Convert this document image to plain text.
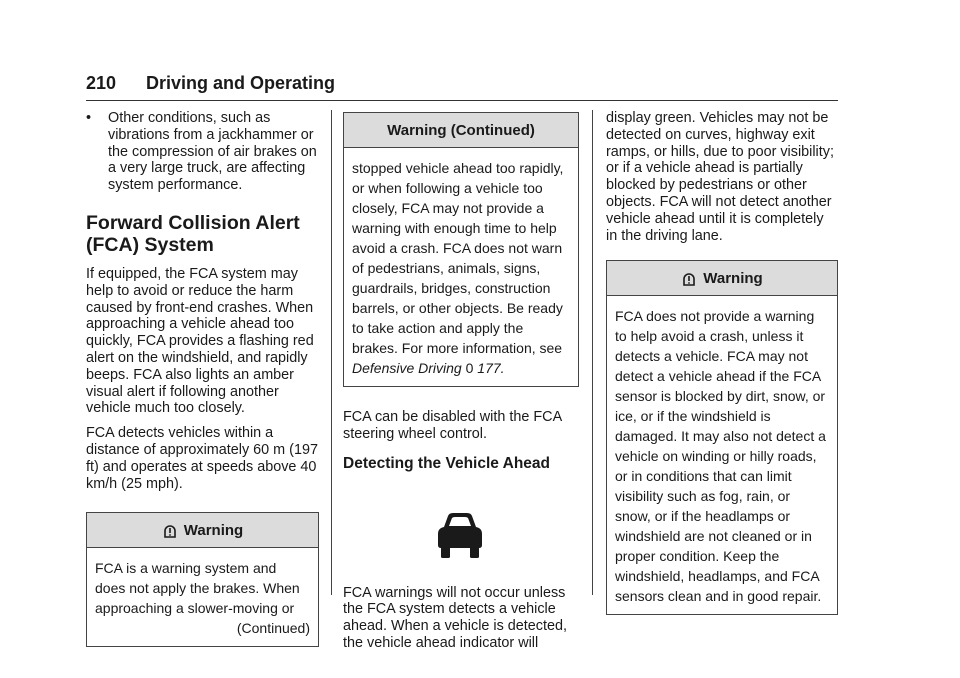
210 Driving and Operating
• Other conditions, such as vibrations from a jackhammer or the compression of air brakes on a very large truck, are affecting system performance.
Forward Collision Alert (FCA) System

If equipped, the FCA system may help to avoid or reduce the harm caused by front-end crashes. When approaching a vehicle ahead too quickly, FCA provides a flashing red alert on the windshield, and rapidly beeps. FCA also lights an amber visual alert if following another vehicle much too closely.

FCA detects vehicles within a distance of approximately 60 m (197 ft) and operates at speeds above 40 km/h (25 mph).

Warning
FCA is a warning system and does not apply the brakes. When approaching a slower-moving or
(Continued)
Warning (Continued)
stopped vehicle ahead too rapidly, or when following a vehicle too closely, FCA may not provide a warning with enough time to help avoid a crash. FCA does not warn of pedestrians, animals, signs, guardrails, bridges, construction barrels, or other objects. Be ready to take action and apply the brakes. For more information, see Defensive Driving 0 177.

FCA can be disabled with the FCA steering wheel control.

Detecting the Vehicle Ahead

FCA warnings will not occur unless the FCA system detects a vehicle ahead. When a vehicle is detected, the vehicle ahead indicator will

display green. Vehicles may not be detected on curves, highway exit ramps, or hills, due to poor visibility; or if a vehicle ahead is partially blocked by pedestrians or other objects. FCA will not detect another vehicle ahead until it is completely in the driving lane.

Warning
FCA does not provide a warning to help avoid a crash, unless it detects a vehicle. FCA may not detect a vehicle ahead if the FCA sensor is blocked by dirt, snow, or ice, or if the windshield is damaged. It may also not detect a vehicle on winding or hilly roads, or in conditions that can limit visibility such as fog, rain, or snow, or if the headlamps or windshield are not cleaned or in proper condition. Keep the windshield, headlamps, and FCA sensors clean and in good repair.
